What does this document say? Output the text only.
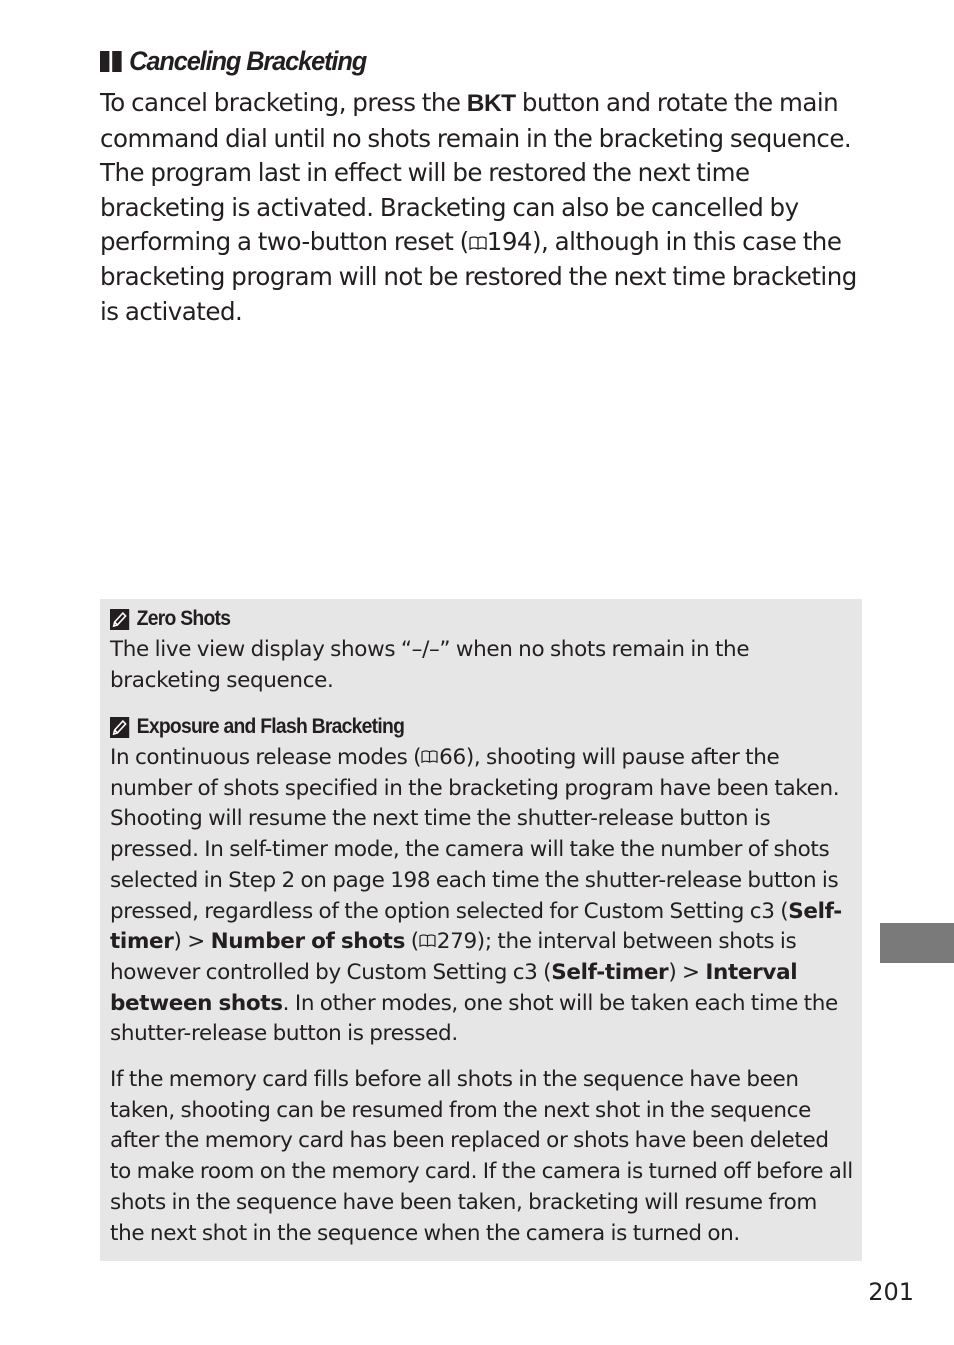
Canceling Bracketing
To cancel bracketing, press the BKT button and rotate the main command dial until no shots remain in the bracketing sequence. The program last in effect will be restored the next time bracketing is activated. Bracketing can also be cancelled by performing a two-button reset ( 194), although in this case the bracketing program will not be restored the next time bracketing is activated.
Zero Shots
The live view display shows “–/–” when no shots remain in the bracketing sequence.
Exposure and Flash Bracketing
In continuous release modes ( 66), shooting will pause after the number of shots specified in the bracketing program have been taken. Shooting will resume the next time the shutter-release button is pressed. In self-timer mode, the camera will take the number of shots selected in Step 2 on page 198 each time the shutter-release button is pressed, regardless of the option selected for Custom Setting c3 (Self-timer) > Number of shots ( 279); the interval between shots is however controlled by Custom Setting c3 (Self-timer) > Interval between shots. In other modes, one shot will be taken each time the shutter-release button is pressed.
If the memory card fills before all shots in the sequence have been taken, shooting can be resumed from the next shot in the sequence after the memory card has been replaced or shots have been deleted to make room on the memory card. If the camera is turned off before all shots in the sequence have been taken, bracketing will resume from the next shot in the sequence when the camera is turned on.
201
